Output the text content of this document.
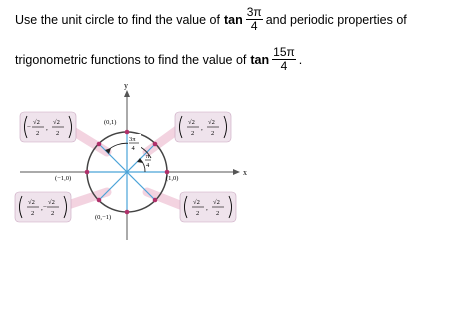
Use the unit circle to find the value of $\tan \frac{3\pi}{4}$ and periodic properties of
trigonometric functions to find the value of $\tan \frac{15\pi}{4}$ .
x
y
3π
4
π
4
(0,1)
(−1,0)	(1,0)
(0,−1)
−
√2
2
,
√2
2
√2
2
,
√2
2
√2
2
, −
√2
2
√2
2
,
√2
2
